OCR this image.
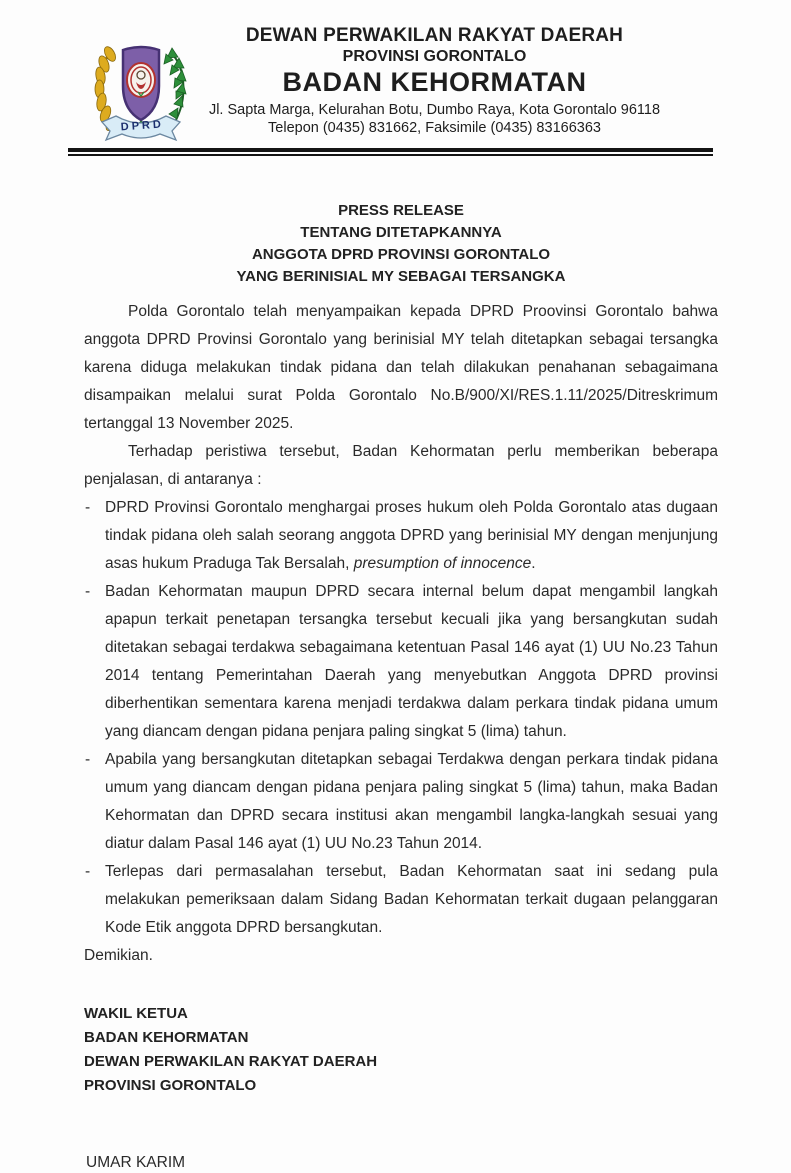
D P R D
DEWAN PERWAKILAN RAKYAT DAERAH
PROVINSI GORONTALO
BADAN KEHORMATAN
Jl. Sapta Marga, Kelurahan Botu, Dumbo Raya, Kota Gorontalo 96118
Telepon (0435) 831662, Faksimile (0435) 83166363
PRESS RELEASE
TENTANG DITETAPKANNYA
ANGGOTA DPRD PROVINSI GORONTALO
YANG BERINISIAL MY SEBAGAI TERSANGKA

Polda Gorontalo telah menyampaikan kepada DPRD Proovinsi Gorontalo bahwa anggota DPRD Provinsi Gorontalo yang berinisial MY telah ditetapkan sebagai tersangka karena diduga melakukan tindak pidana dan telah dilakukan penahanan sebagaimana disampaikan melalui surat Polda Gorontalo No.B/900/XI/RES.1.11/2025/Ditreskrimum tertanggal 13 November 2025.

Terhadap peristiwa tersebut, Badan Kehormatan perlu memberikan beberapa penjalasan, di antaranya :

- DPRD Provinsi Gorontalo menghargai proses hukum oleh Polda Gorontalo atas dugaan tindak pidana oleh salah seorang anggota DPRD yang berinisial MY dengan menjunjung asas hukum Praduga Tak Bersalah, presumption of innocence.
- Badan Kehormatan maupun DPRD secara internal belum dapat mengambil langkah apapun terkait penetapan tersangka tersebut kecuali jika yang bersangkutan sudah ditetakan sebagai terdakwa sebagaimana ketentuan Pasal 146 ayat (1) UU No.23 Tahun 2014 tentang Pemerintahan Daerah yang menyebutkan Anggota DPRD provinsi diberhentikan sementara karena menjadi terdakwa dalam perkara tindak pidana umum yang diancam dengan pidana penjara paling singkat 5 (lima) tahun.
- Apabila yang bersangkutan ditetapkan sebagai Terdakwa dengan perkara tindak pidana umum yang diancam dengan pidana penjara paling singkat 5 (lima) tahun, maka Badan Kehormatan dan DPRD secara institusi akan mengambil langka-langkah sesuai yang diatur dalam Pasal 146 ayat (1) UU No.23 Tahun 2014.
- Terlepas dari permasalahan tersebut, Badan Kehormatan saat ini sedang pula melakukan pemeriksaan dalam Sidang Badan Kehormatan terkait dugaan pelanggaran Kode Etik anggota DPRD bersangkutan.

Demikian.

WAKIL KETUA
BADAN KEHORMATAN
DEWAN PERWAKILAN RAKYAT DAERAH
PROVINSI GORONTALO
UMAR KARIM
